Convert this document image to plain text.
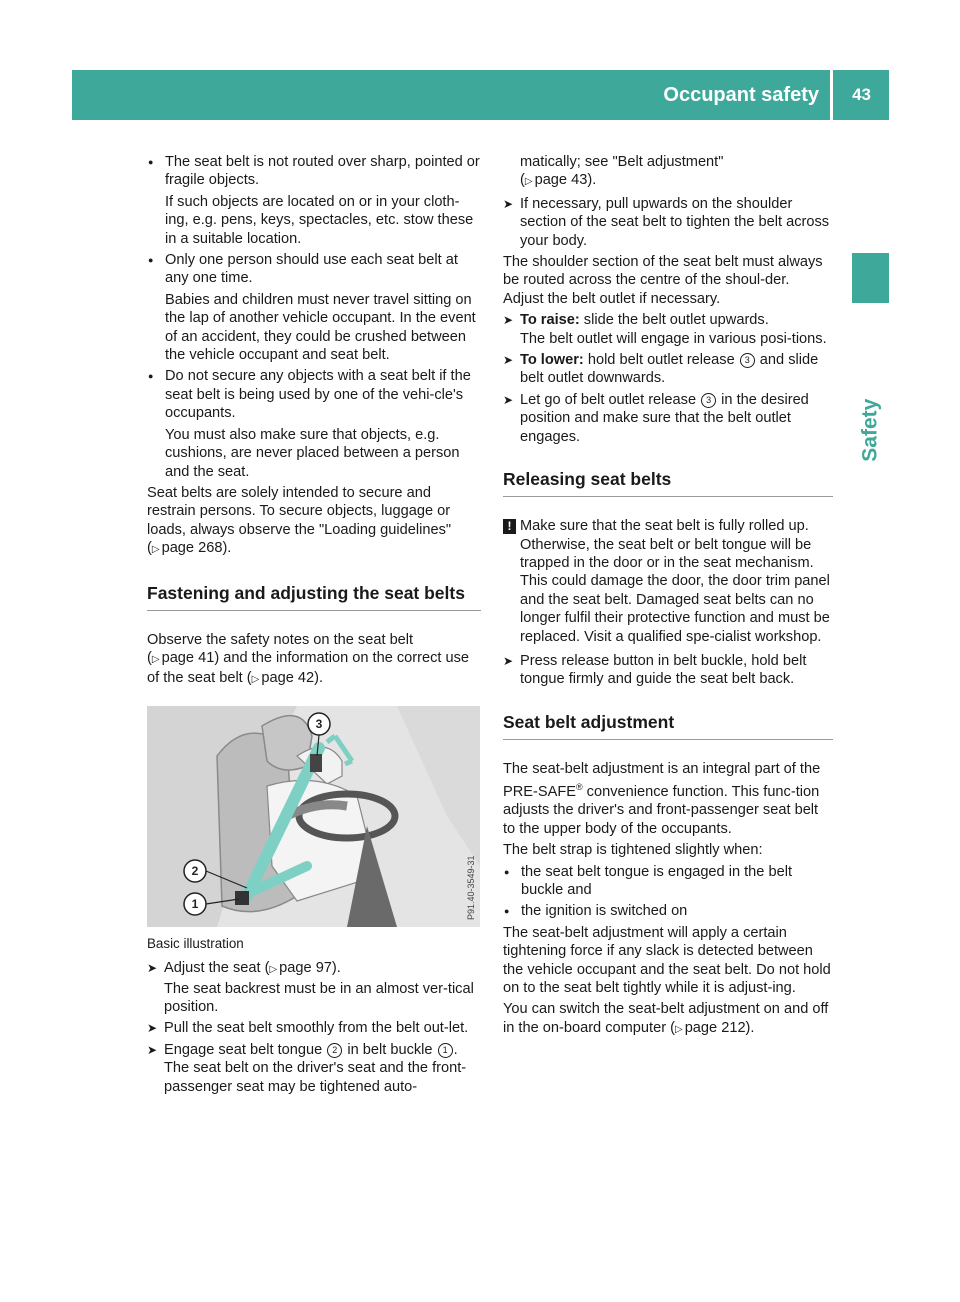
Occupant safety 43
Safety
● The seat belt is not routed over sharp, pointed or fragile objects.
If such objects are located on or in your cloth-ing, e.g. pens, keys, spectacles, etc. stow these in a suitable location.
● Only one person should use each seat belt at any one time.
Babies and children must never travel sitting on the lap of another vehicle occupant. In the event of an accident, they could be crushed between the vehicle occupant and seat belt.
● Do not secure any objects with a seat belt if the seat belt is being used by one of the vehi-cle's occupants.
You must also make sure that objects, e.g. cushions, are never placed between a person and the seat.

Seat belts are solely intended to secure and restrain persons. To secure objects, luggage or loads, always observe the "Loading guidelines"
( ▷ page 268).

Fastening and adjusting the seat belts

Observe the safety notes on the seat belt
( ▷ page 41) and the information on the correct use of the seat belt ( ▷ page 42).

1
2
3
P91.40-3549-31

Basic illustration

➤ Adjust the seat ( ▷ page 97).
The seat backrest must be in an almost ver-tical position.
➤ Pull the seat belt smoothly from the belt out-let.
➤ Engage seat belt tongue 2 in belt buckle 1 .
The seat belt on the driver's seat and the front-passenger seat may be tightened auto-

matically; see "Belt adjustment"
( ▷ page 43).

➤ If necessary, pull upwards on the shoulder section of the seat belt to tighten the belt across your body.

The shoulder section of the seat belt must always be routed across the centre of the shoul-der. Adjust the belt outlet if necessary.

➤ To raise: slide the belt outlet upwards.
The belt outlet will engage in various posi-tions.
➤ To lower: hold belt outlet release 3 and slide belt outlet downwards.
➤ Let go of belt outlet release 3 in the desired position and make sure that the belt outlet engages.
Releasing seat belts
! Make sure that the seat belt is fully rolled up. Otherwise, the seat belt or belt tongue will be trapped in the door or in the seat mechanism. This could damage the door, the door trim panel and the seat belt. Damaged seat belts can no longer fulfil their protective function and must be replaced. Visit a qualified spe-cialist workshop.
➤ Press release button in belt buckle, hold belt tongue firmly and guide the seat belt back.
Seat belt adjustment

The seat-belt adjustment is an integral part of the PRE-SAFE® convenience function. This func-tion adjusts the driver's and front-passenger seat belt to the upper body of the occupants.

The belt strap is tightened slightly when:

● the seat belt tongue is engaged in the belt buckle and
● the ignition is switched on

The seat-belt adjustment will apply a certain tightening force if any slack is detected between the vehicle occupant and the seat belt. Do not hold on to the seat belt tightly while it is adjust-ing.

You can switch the seat-belt adjustment on and off in the on-board computer ( ▷ page 212).
